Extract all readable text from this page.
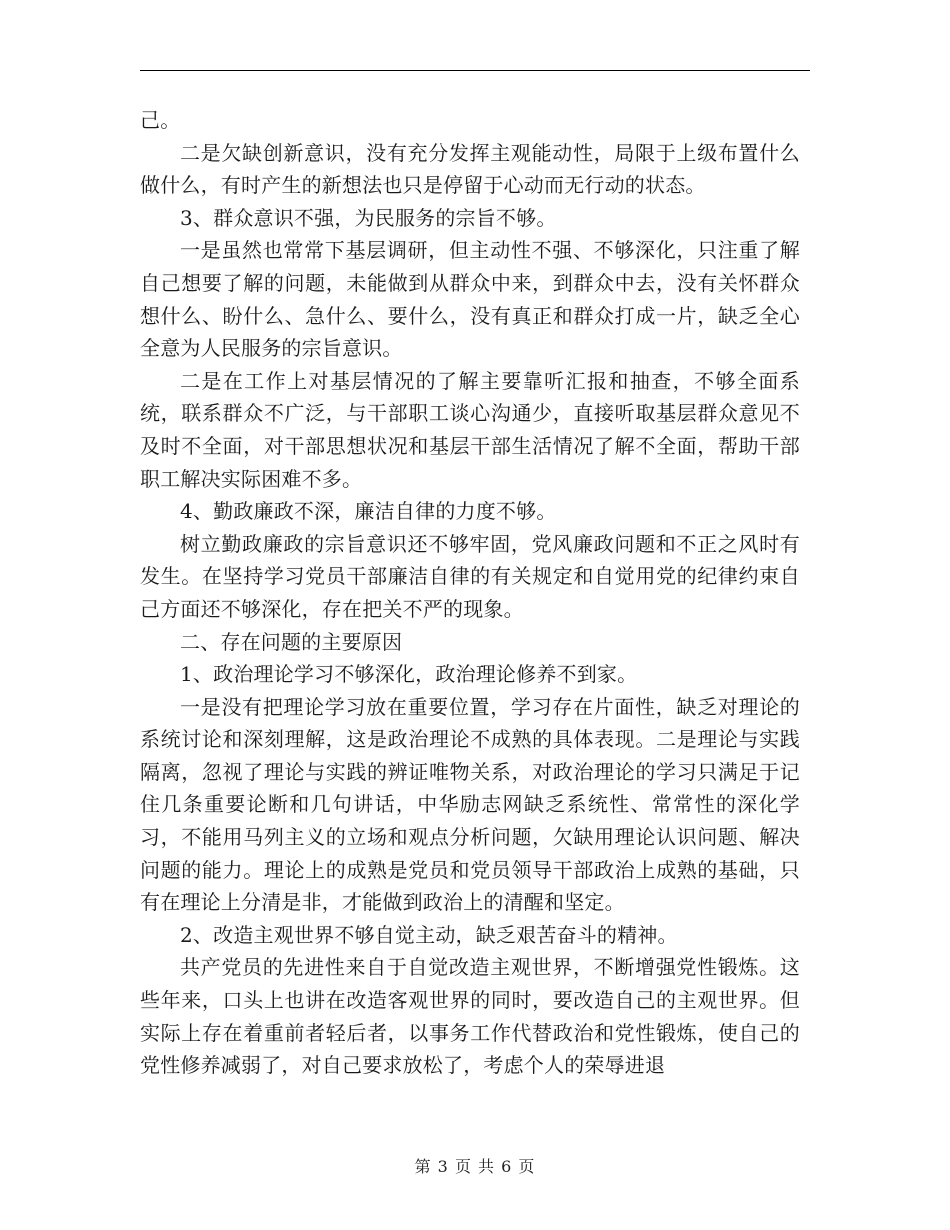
己。

二是欠缺创新意识，没有充分发挥主观能动性，局限于上级布置什么做什么，有时产生的新想法也只是停留于心动而无行动的状态。

3、群众意识不强，为民服务的宗旨不够。

一是虽然也常常下基层调研，但主动性不强、不够深化，只注重了解自己想要了解的问题，未能做到从群众中来，到群众中去，没有关怀群众想什么、盼什么、急什么、要什么，没有真正和群众打成一片，缺乏全心全意为人民服务的宗旨意识。

二是在工作上对基层情况的了解主要靠听汇报和抽查，不够全面系统，联系群众不广泛，与干部职工谈心沟通少，直接听取基层群众意见不及时不全面，对干部思想状况和基层干部生活情况了解不全面，帮助干部职工解决实际困难不多。

4、勤政廉政不深，廉洁自律的力度不够。

树立勤政廉政的宗旨意识还不够牢固，党风廉政问题和不正之风时有发生。在坚持学习党员干部廉洁自律的有关规定和自觉用党的纪律约束自己方面还不够深化，存在把关不严的现象。

二、存在问题的主要原因

1、政治理论学习不够深化，政治理论修养不到家。

一是没有把理论学习放在重要位置，学习存在片面性，缺乏对理论的系统讨论和深刻理解，这是政治理论不成熟的具体表现。二是理论与实践隔离，忽视了理论与实践的辨证唯物关系，对政治理论的学习只满足于记住几条重要论断和几句讲话，中华励志网缺乏系统性、常常性的深化学习，不能用马列主义的立场和观点分析问题，欠缺用理论认识问题、解决问题的能力。理论上的成熟是党员和党员领导干部政治上成熟的基础，只有在理论上分清是非，才能做到政治上的清醒和坚定。

2、改造主观世界不够自觉主动，缺乏艰苦奋斗的精神。

共产党员的先进性来自于自觉改造主观世界，不断增强党性锻炼。这些年来，口头上也讲在改造客观世界的同时，要改造自己的主观世界。但实际上存在着重前者轻后者，以事务工作代替政治和党性锻炼，使自己的党性修养减弱了，对自己要求放松了，考虑个人的荣辱进退

第 3 页 共 6 页
